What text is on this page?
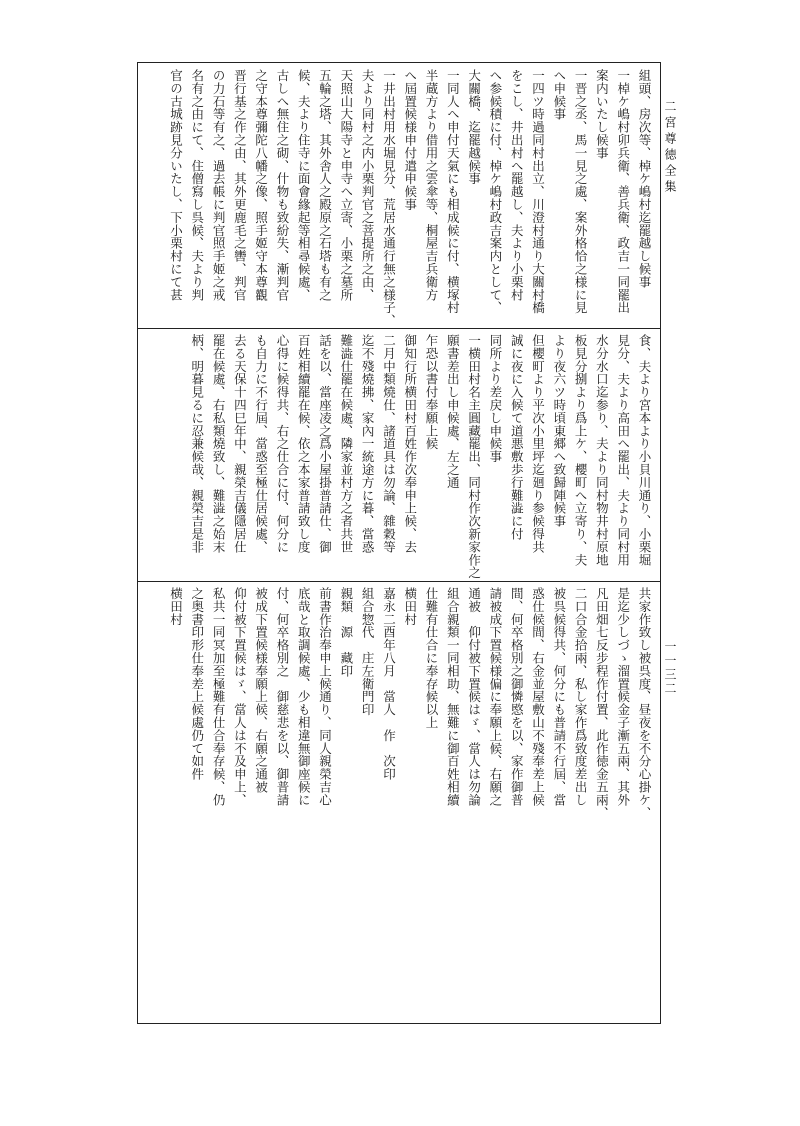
二宮尊徳全集
一一三二
組頭、房次等、棹ケ嶋村迄罷越し候事
一棹ケ嶋村卯兵衛、善兵衛、政吉一同罷出
案内いたし候事
一晋之丞、馬一見之處、案外格恰之様に見
へ申候事
一四ツ時過同村出立、川澄村通り大關村橋
をこし、井出村へ罷越し、夫より小栗村
へ参候積に付、棹ケ嶋村政吉案内として、
大關橋、迄罷越候事
一同人へ申付天氣にも相成候に付、横塚村
半蔵方より借用之雲傘等、桐屋吉兵衛方
へ屆置候様申付遣申候事
一井出村用水堀見分、荒居水通行無之様子、
夫より同村之内小栗判官之菩提所之由、
天照山大陽寺と申寺へ立寄、小栗之墓所
五輪之塔、其外舎人之殿原之石塔も有之
候、夫より住寺に面會緣起等相尋候處、
古しへ無住之砌、什物も致紛失、漸判官
之守本尊彌陀八幡之像、照手姬守本尊觀
晋行基之作之由、其外更鹿毛之轡、判官
の力石等有之、過去帳に判官照手姬之戒
名有之由にて、住僧寫し呉候、夫より判
官の古城跡見分いたし、下小栗村にて甚
食、夫より宮本より小貝川通り、小栗堀
見分、夫より高田へ罷出、夫より同村用
水分水口迄参り、夫より同村物井村原地
板見分捌より爲上ケ、櫻町へ立寄り、夫
より夜六ツ時頃東郷へ致歸陣候事
但櫻町より平次小里坪迄廻り参候得共
誠に夜に入候て道悪敷歩行難澁に付
同所より差戻し申候事
一横田村名主圓藏罷出、同村作次新家作之
願書差出し申候處、左之通
乍恐以書付奉願上候
御知行所横田村百姓作次奉申上候、去
二月中類燒仕、諸道具は勿論、雜穀等
迄不殘燒拂、家內一統途方に暮、當惑
難澁仕罷在候處、隣家並村方之者共世
話を以、當座凌之爲小屋掛普請仕、御
百姓相續罷在候、依之本家普請致し度
心得に候得共、右之仕合に付、何分に
も自力に不行屆、當惑至極仕居候處、
去る天保十四巳年中、親榮吉儀隱居仕
罷在候處、右私類燒致し、難澁之始末
柄、明暮見るに忍兼候哉、親榮吉是非
共家作致し被呉度、昼夜を不分心掛ケ、
是迄少しづゝ溜置候金子漸五兩、其外
凡田畑七反步程作付置、此作徳金五兩、
二口合金拾兩、私し家作爲致度差出し
被呉候得共、何分にも普請不行屆、當
惑仕候間、右金並屋敷山不殘奉差上候
間、何卒格別之御憐愍を以、家作御普
請被成下置候様偏に奉願上候、右願之
通被　仰付被下置候はゞ、當人は勿論
組合親類一同相助、無難に御百姓相續
仕難有仕合に奉存候以上
横田村
嘉永二酉年八月　當人　作　次印
組合惣代　庄左衛門印
親類　源　藏印
前書作治奉申上候通り、同人親榮吉心
底哉と取調候處、少も相違無御座候に
付、何卒格別之　御慈悲を以、御普請
被成下置候様奉願上候、右願之通被
仰付被下置候はゞ、當人は不及申上、
私共一同冥加至極難有仕合奉存候、仍
之奥書印形仕奉差上候處仍て如件
横田村
